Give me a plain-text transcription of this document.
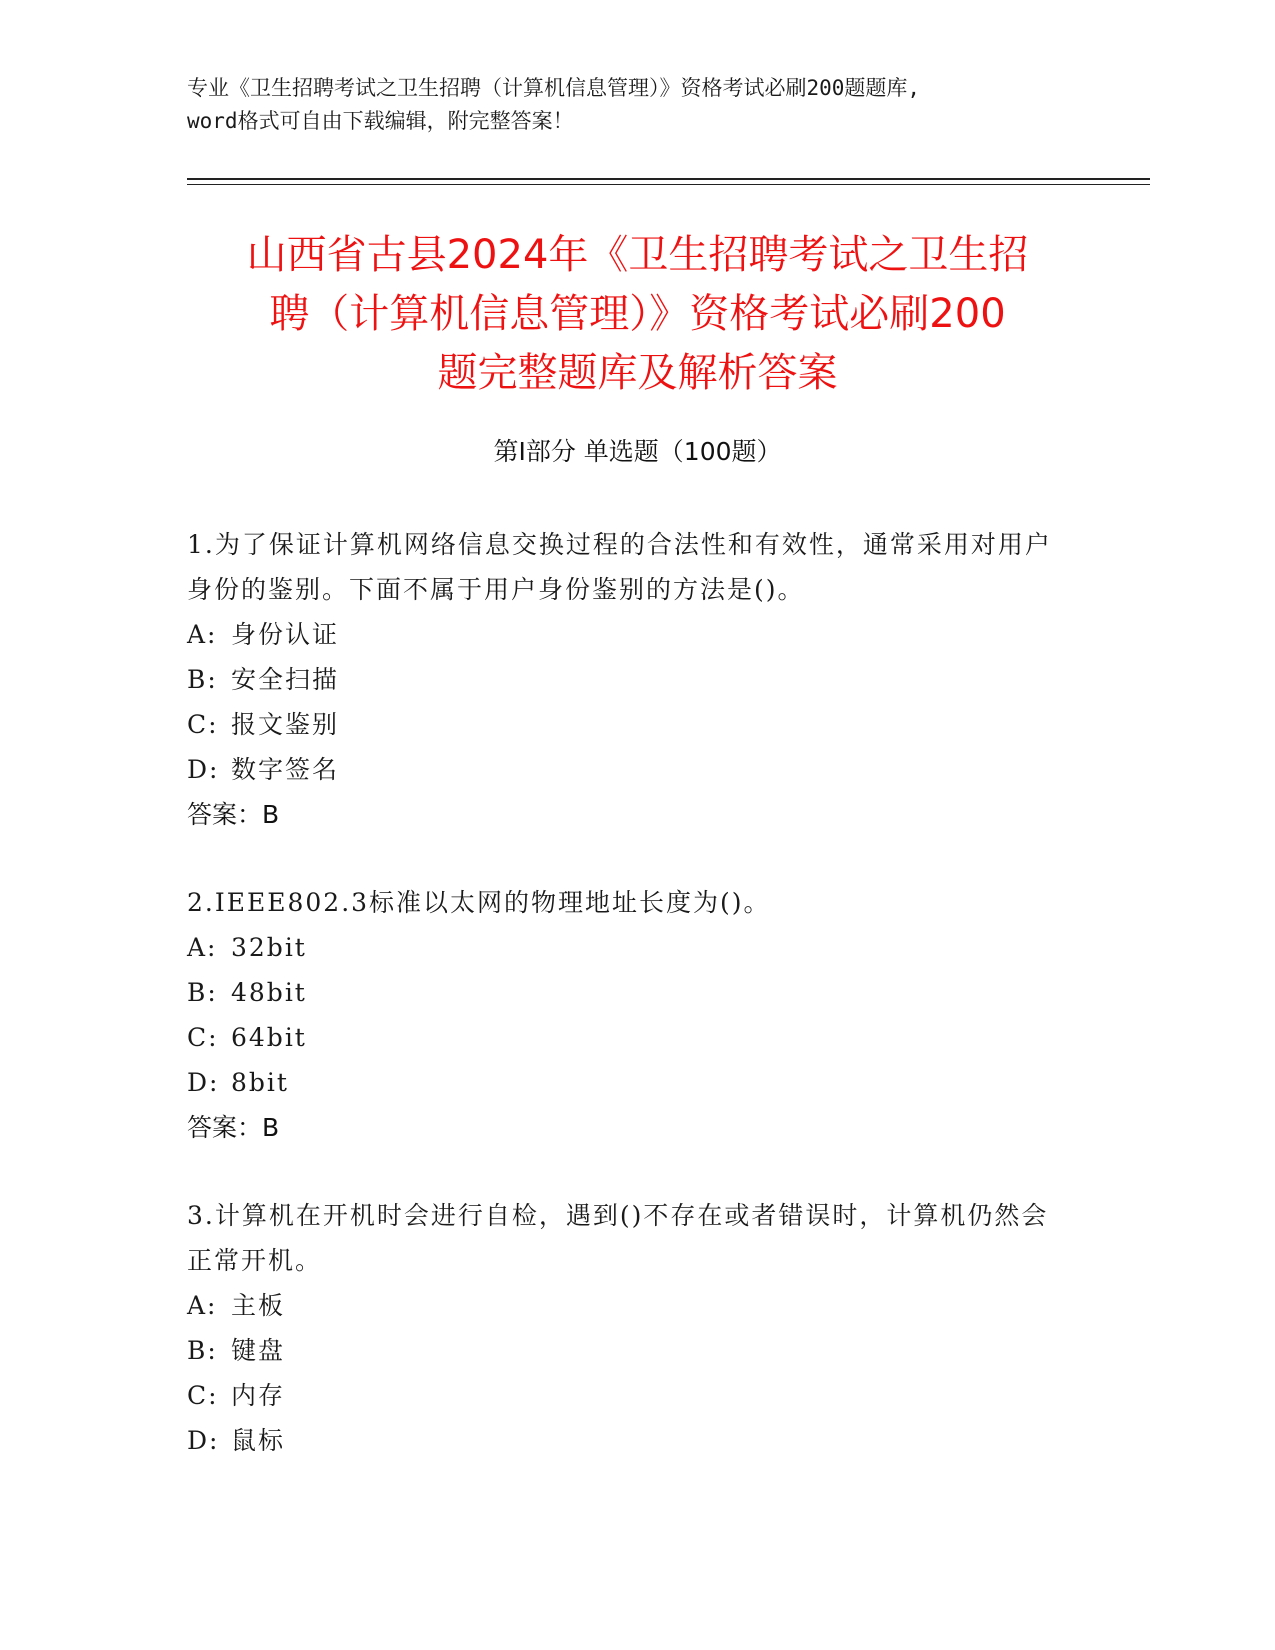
专业《卫生招聘考试之卫生招聘（计算机信息管理）》资格考试必刷200题题库,
word格式可自由下载编辑，附完整答案！
山西省古县2024年《卫生招聘考试之卫生招
聘（计算机信息管理）》资格考试必刷200
题完整题库及解析答案
第Ⅰ部分 单选题（100题）
1.为了保证计算机网络信息交换过程的合法性和有效性，通常采用对用户身份的鉴别。下面不属于用户身份鉴别的方法是()。
A: 身份认证
B: 安全扫描
C: 报文鉴别
D: 数字签名
答案：B
2.IEEE802.3标准以太网的物理地址长度为()。
A: 32bit
B: 48bit
C: 64bit
D: 8bit
答案：B
3.计算机在开机时会进行自检，遇到()不存在或者错误时，计算机仍然会正常开机。
A: 主板
B: 键盘
C: 内存
D: 鼠标
